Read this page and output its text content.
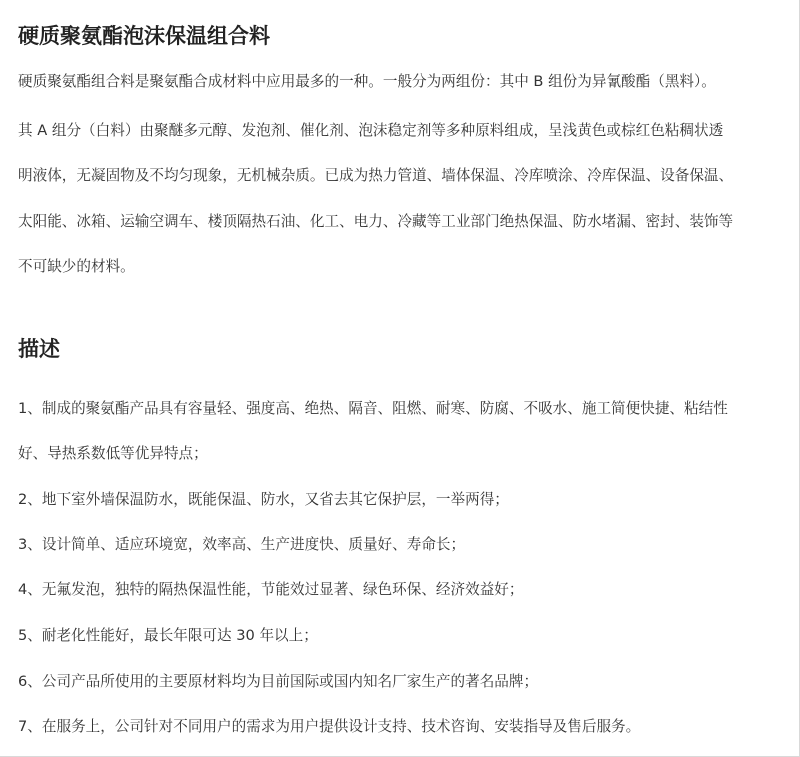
硬质聚氨酯泡沫保温组合料

硬质聚氨酯组合料是聚氨酯合成材料中应用最多的一种。一般分为两组份：其中 B 组份为异氰酸酯（黑料）。

其 A 组分（白料）由聚醚多元醇、发泡剂、催化剂、泡沫稳定剂等多种原料组成，呈浅黄色或棕红色粘稠状透

明液体，无凝固物及不均匀现象，无机械杂质。已成为热力管道、墙体保温、冷库喷涂、冷库保温、设备保温、

太阳能、冰箱、运输空调车、楼顶隔热石油、化工、电力、冷藏等工业部门绝热保温、防水堵漏、密封、装饰等

不可缺少的材料。

描述

1、制成的聚氨酯产品具有容量轻、强度高、绝热、隔音、阻燃、耐寒、防腐、不吸水、施工简便快捷、粘结性

好、导热系数低等优异特点；

2、地下室外墙保温防水，既能保温、防水，又省去其它保护层，一举两得；

3、设计简单、适应环境宽，效率高、生产进度快、质量好、寿命长；

4、无氟发泡，独特的隔热保温性能，节能效过显著、绿色环保、经济效益好；

5、耐老化性能好，最长年限可达 30 年以上；

6、公司产品所使用的主要原材料均为目前国际或国内知名厂家生产的著名品牌；

7、在服务上，公司针对不同用户的需求为用户提供设计支持、技术咨询、安装指导及售后服务。
